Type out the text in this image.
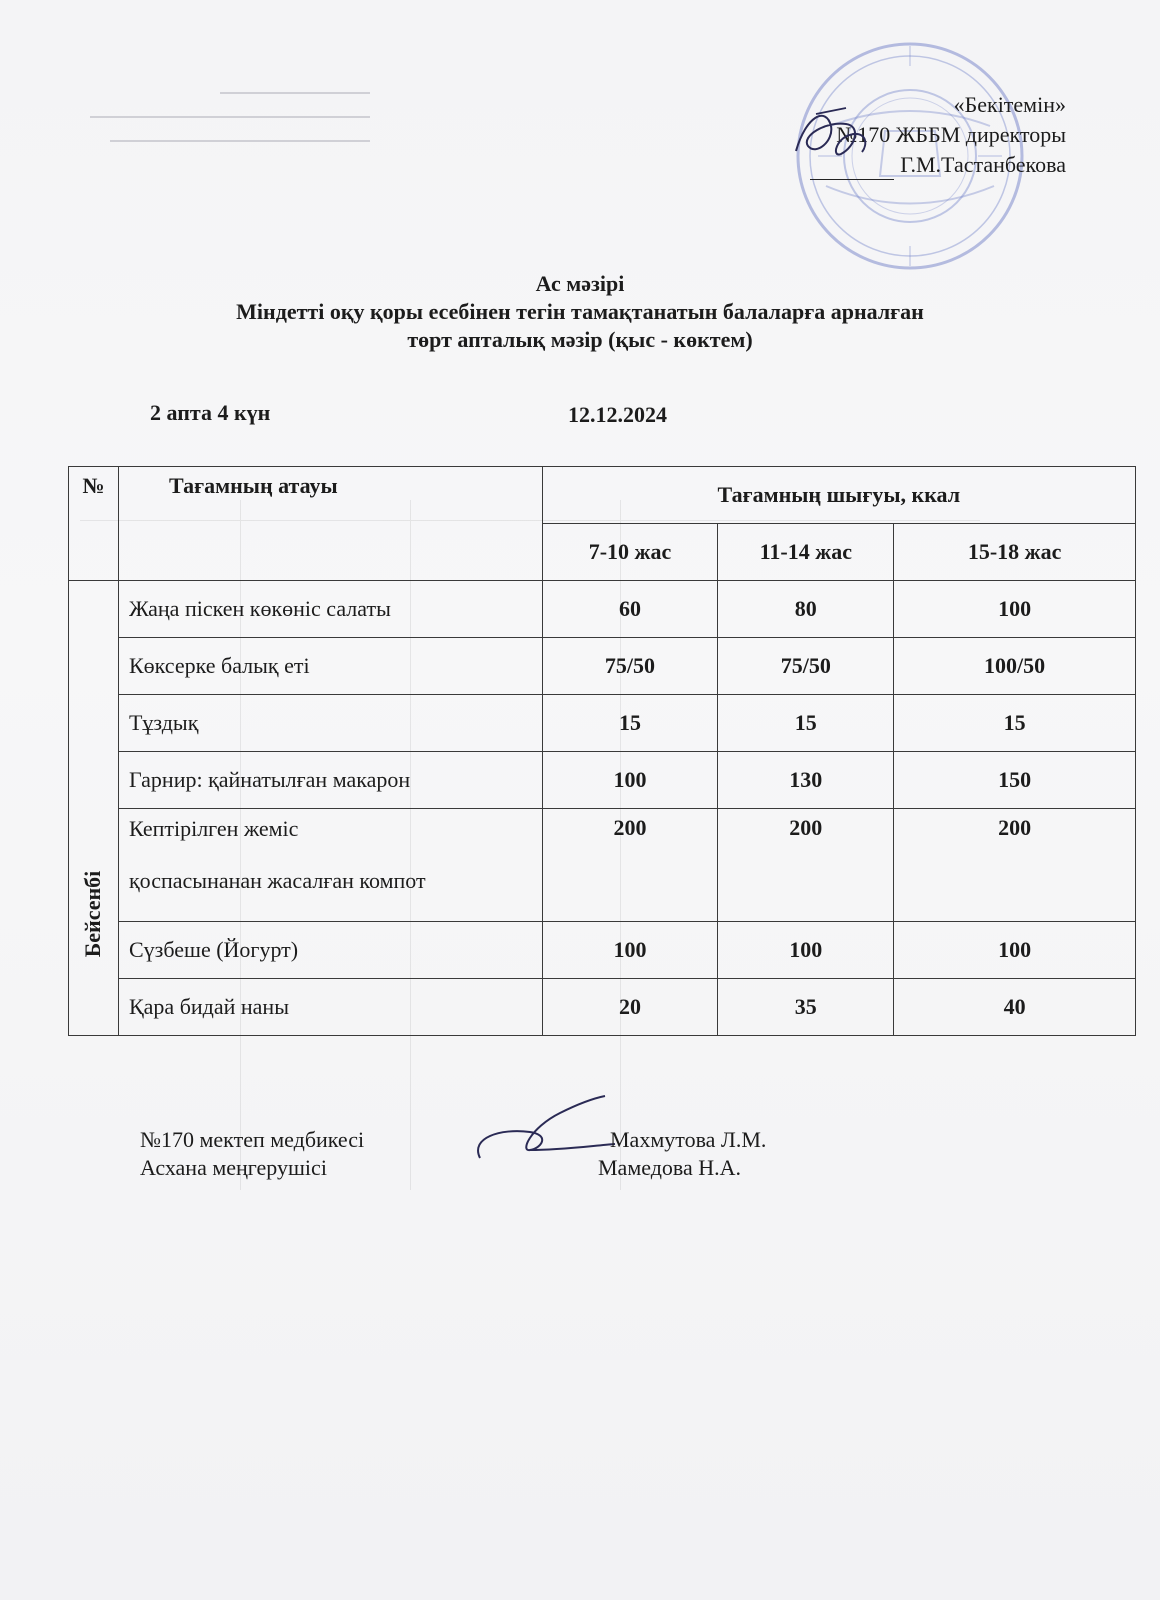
«Бекітемін»
№170 ЖББМ директоры
Г.М.Тастанбекова
Ас мәзірі
Міндетті оқу қоры есебінен тегін тамақтанатын балаларға арналған
төрт апталық мәзір (қыс - көктем)
2 апта 4 күн	12.12.2024
№	Тағамның атауы	Тағамның шығуы, ккал		
		7-10 жас	11-14 жас	15-18 жас

Бейсенбі	Жаңа піскен көкөніс салаты	60	80	100
	Көксерке балық еті	75/50	75/50	100/50
	Тұздық	15	15	15
	Гарнир: қайнатылған макарон	100	130	150

	Кептірілген жеміс
қоспасынанан жасалған компот	200	200	200
	Сүзбеше (Йогурт)	100	100	100
	Қара бидай наны	20	35	40
№170 мектеп медбикесі
Асхана меңгерушісі
Махмутова Л.М.
Мамедова Н.А.
